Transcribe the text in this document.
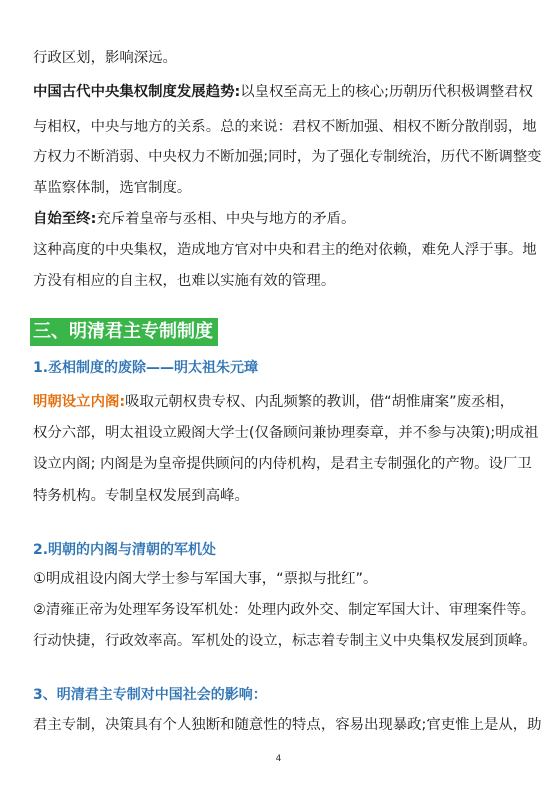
行政区划，影响深远。
中国古代中央集权制度发展趋势:以皇权至高无上的核心;历朝历代积极调整君权
与相权，中央与地方的关系。总的来说：君权不断加强、相权不断分散削弱，地
方权力不断消弱、中央权力不断加强;同时，为了强化专制统治，历代不断调整变
革监察体制，选官制度。
自始至终:充斥着皇帝与丞相、中央与地方的矛盾。
这种高度的中央集权，造成地方官对中央和君主的绝对依赖，难免人浮于事。地
方没有相应的自主权，也难以实施有效的管理。
三、明清君主专制制度
1.丞相制度的废除——明太祖朱元璋
明朝设立内阁:吸取元朝权贵专权、内乱频繁的教训，借“胡惟庸案”废丞相，
权分六部，明太祖设立殿阁大学士(仅备顾问兼协理奏章，并不参与决策);明成祖
设立内阁; 内阁是为皇帝提供顾问的内侍机构，是君主专制强化的产物。设厂卫
特务机构。专制皇权发展到高峰。
2.明朝的内阁与清朝的军机处
①明成祖设内阁大学士参与军国大事，“票拟与批红”。
②清雍正帝为处理军务设军机处：处理内政外交、制定军国大计、审理案件等。
行动快捷，行政效率高。军机处的设立，标志着专制主义中央集权发展到顶峰。
3、明清君主专制对中国社会的影响：
君主专制，决策具有个人独断和随意性的特点，容易出现暴政;官吏惟上是从，助
4
